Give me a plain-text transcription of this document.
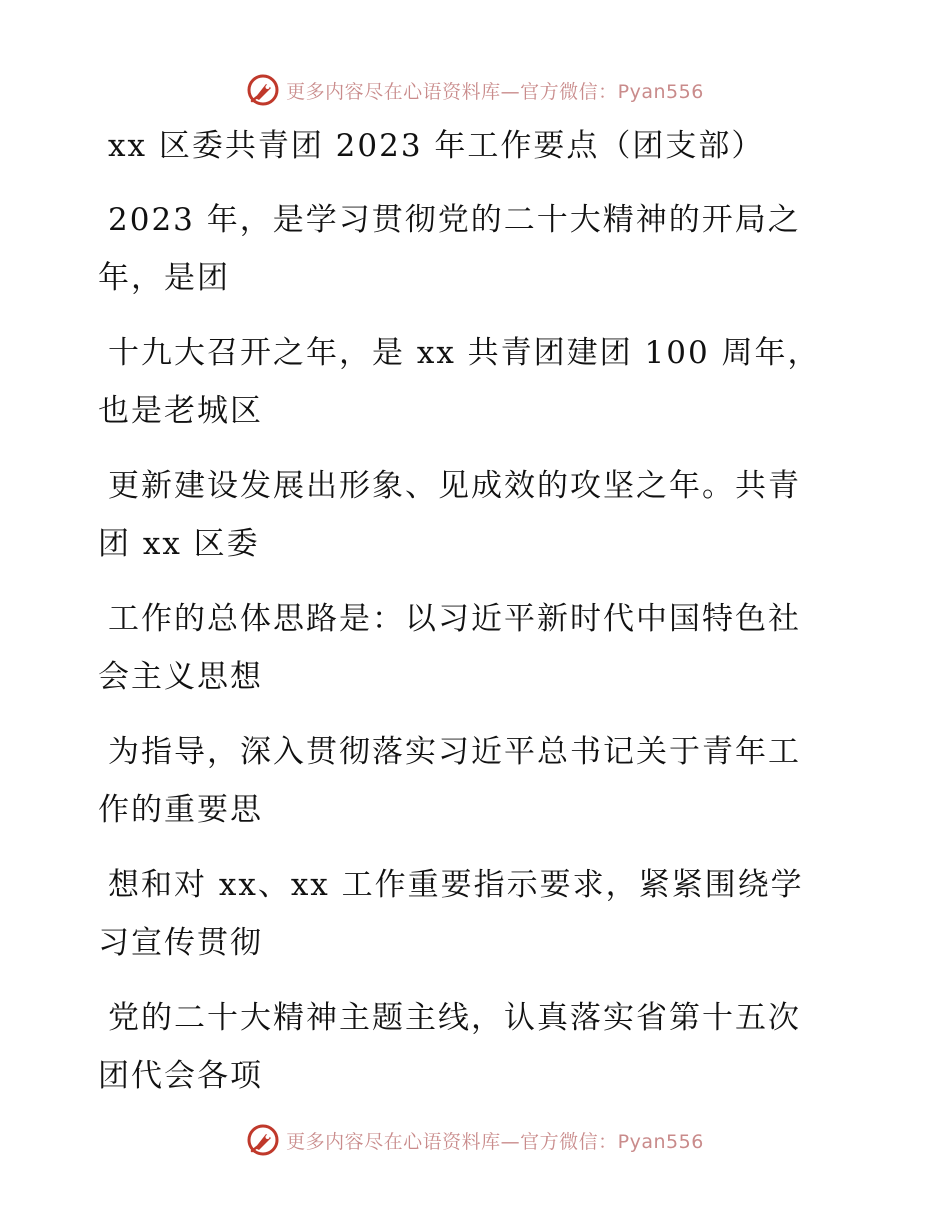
更多内容尽在心语资料库—官方微信：Pyan556
xx 区委共青团 2023 年工作要点（团支部）
2023 年，是学习贯彻党的二十大精神的开局之
年，是团
十九大召开之年，是 xx 共青团建团 100 周年，
也是老城区
更新建设发展出形象、见成效的攻坚之年。共青
团 xx 区委
工作的总体思路是：以习近平新时代中国特色社
会主义思想
为指导，深入贯彻落实习近平总书记关于青年工
作的重要思
想和对 xx、xx 工作重要指示要求，紧紧围绕学
习宣传贯彻
党的二十大精神主题主线，认真落实省第十五次
团代会各项
更多内容尽在心语资料库—官方微信：Pyan556
